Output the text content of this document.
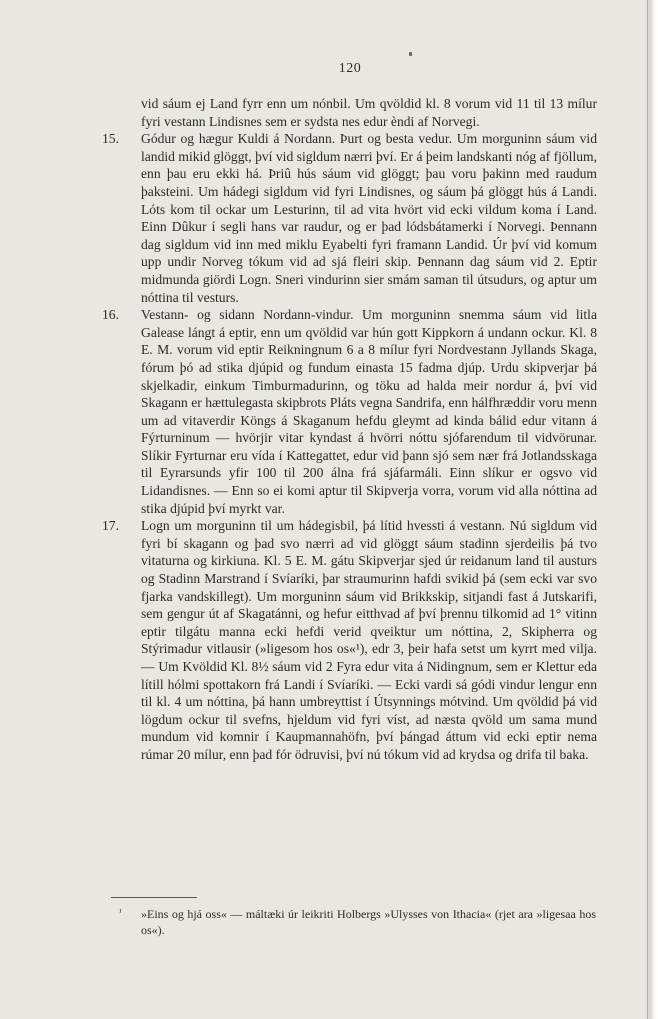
120

vid sáum ej Land fyrr enn um nónbil. Um qvöldid kl. 8 vorum vid 11 til 13 mílur fyri vestann Lindisnes sem er sydsta nes edur èndi af Norvegi.

15. Gódur og hægur Kuldi á Nordann. Þurt og besta vedur. Um morguninn sáum vid landid mikid glöggt, því vid sigldum nærri því. Er á þeim landskanti nóg af fjöllum, enn þau eru ekki há. Þriû hús sáum vid glöggt; þau voru þakinn med raudum þaksteini. Um hádegi sigldum vid fyri Lindisnes, og sáum þá glöggt hús á Landi. Lóts kom til ockar um Lesturinn, til ad vita hvört vid ecki vildum koma í Land. Einn Dûkur í segli hans var raudur, og er þad lódsbátamerki í Norvegi. Þennann dag sigldum vid inn med miklu Eyabelti fyri framann Landid. Úr því vid komum upp undir Norveg tókum vid ad sjá fleiri skip. Þennann dag sáum vid 2. Eptir midmunda giördi Logn. Sneri vindurinn sier smám saman til útsudurs, og aptur um nóttina til vesturs.

16. Vestann- og sidann Nordann-vindur. Um morguninn snemma sáum vid litla Galease lángt á eptir, enn um qvöldid var hún gott Kippkorn á undann ockur. Kl. 8 E. M. vorum vid eptir Reikningnum 6 a 8 mílur fyri Nordvestann Jyllands Skaga, fórum þó ad stika djúpid og fundum einasta 15 fadma djúp. Urdu skipverjar þá skjelkadir, einkum Timburmadurinn, og töku ad halda meir nordur á, því vid Skagann er hættulegasta skipbrots Pláts vegna Sandrifa, enn hálfhræddir voru menn um ad vitaverdir Köngs á Skaganum hefdu gleymt ad kinda bálid edur vitann á Fýrturninum — hvörjir vitar kyndast á hvörri nóttu sjófarendum til vidvörunar. Slíkir Fyrturnar eru vída í Kattegattet, edur vid þann sjó sem nær frá Jotlandsskaga til Eyrarsunds yfir 100 til 200 álna frá sjáfarmáli. Einn slíkur er ogsvo vid Lidandisnes. — Enn so ei komi aptur til Skipverja vorra, vorum vid alla nóttina ad stika djúpid því myrkt var.

17. Logn um morguninn til um hádegisbil, þá lítid hvessti á vestann. Nú sigldum vid fyri bí skagann og þad svo nærri ad vid glöggt sáum stadinn sjerdeilis þá tvo vitaturna og kirkiuna. Kl. 5 E. M. gátu Skipverjar sjed úr reidanum land til austurs og Stadinn Marstrand í Svíaríki, þar straumurinn hafdi svikid þá (sem ecki var svo fjarka vandskillegt). Um morguninn sáum vid Brikkskip, sitjandi fast á Jutskarifi, sem gengur út af Skagatánni, og hefur eitthvad af því þrennu tilkomid ad 1° vitinn eptir tilgátu manna ecki hefdi verid qveiktur um nóttina, 2, Skipherra og Stýrimadur vitlausir (»ligesom hos os«¹), edr 3, þeir hafa setst um kyrrt med vilja. — Um Kvöldid Kl. 8½ sáum vid 2 Fyra edur vita á Nidingnum, sem er Klettur eda lítill hólmi spottakorn frá Landi í Svíaríki. — Ecki vardi sá gódi vindur lengur enn til kl. 4 um nóttina, þá hann umbreyttist í Útsynnings mótvind. Um qvöldid þá vid lögdum ockur til svefns, hjeldum vid fyri víst, ad næsta qvöld um sama mund mundum vid komnir í Kaupmannahöfn, því þángad áttum vid ecki eptir nema rúmar 20 mílur, enn þad fór ödruvisi, því nú tókum vid ad krydsa og drifa til baka.

¹ »Eins og hjá oss« — máltæki úr leikriti Holbergs »Ulysses von Ithacia« (rjet ara »ligesaa hos os«).
